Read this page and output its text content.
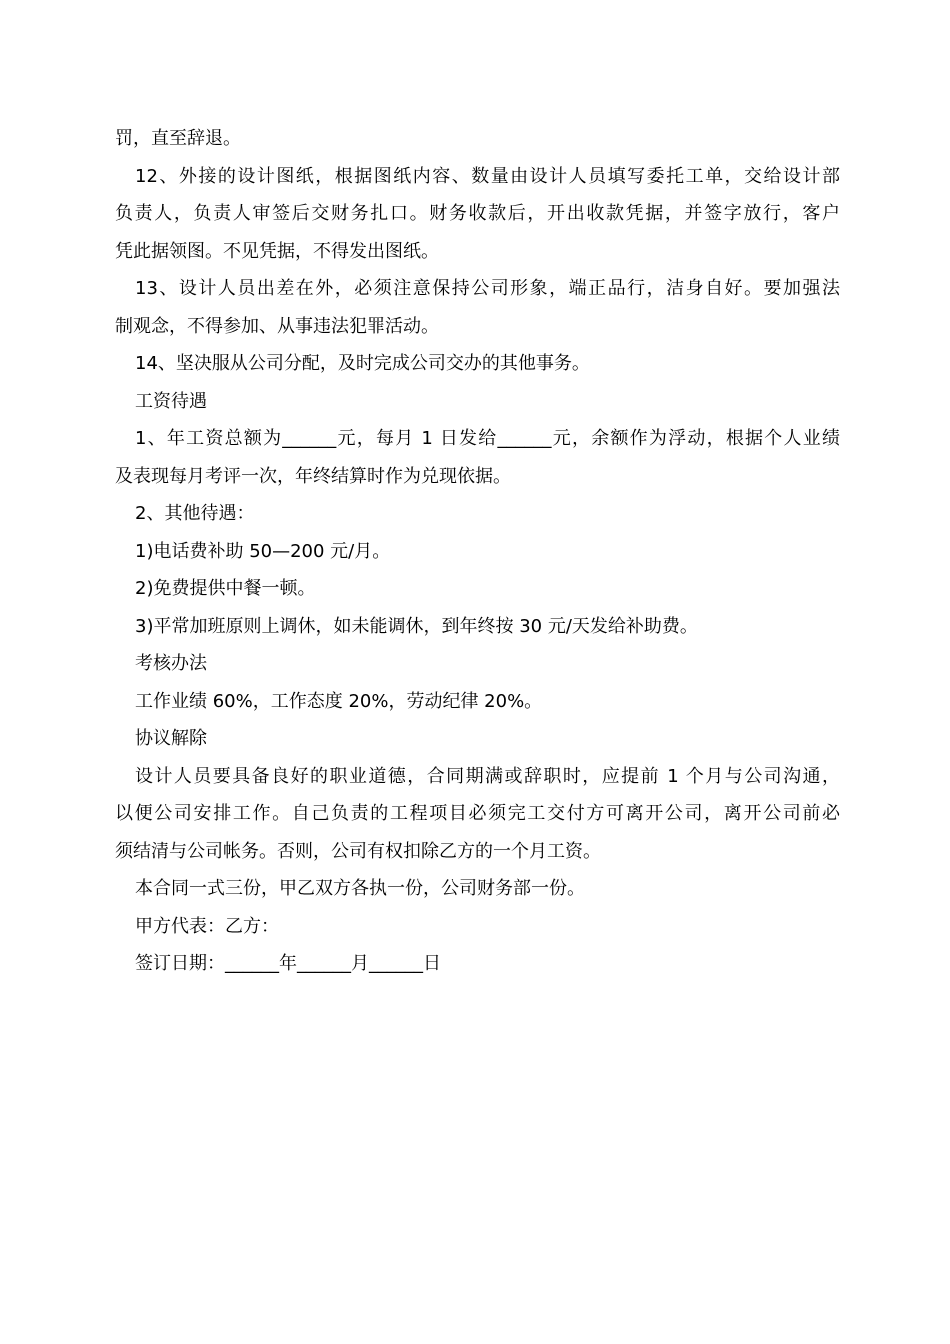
罚，直至辞退。
12、外接的设计图纸，根据图纸内容、数量由设计人员填写委托工单，交给设计部
负责人，负责人审签后交财务扎口。财务收款后，开出收款凭据，并签字放行，客户
凭此据领图。不见凭据，不得发出图纸。
13、设计人员出差在外，必须注意保持公司形象，端正品行，洁身自好。要加强法
制观念，不得参加、从事违法犯罪活动。
14、坚决服从公司分配，及时完成公司交办的其他事务。
工资待遇
1、年工资总额为______元，每月 1 日发给______元，余额作为浮动，根据个人业绩
及表现每月考评一次，年终结算时作为兑现依据。
2、其他待遇：
1)电话费补助 50—200 元/月。
2)免费提供中餐一顿。
3)平常加班原则上调休，如未能调休，到年终按 30 元/天发给补助费。
考核办法
工作业绩 60%，工作态度 20%，劳动纪律 20%。
协议解除
设计人员要具备良好的职业道德，合同期满或辞职时，应提前 1 个月与公司沟通，
以便公司安排工作。自己负责的工程项目必须完工交付方可离开公司，离开公司前必
须结清与公司帐务。否则，公司有权扣除乙方的一个月工资。
本合同一式三份，甲乙双方各执一份，公司财务部一份。
甲方代表：乙方：
签订日期：______年______月______日
